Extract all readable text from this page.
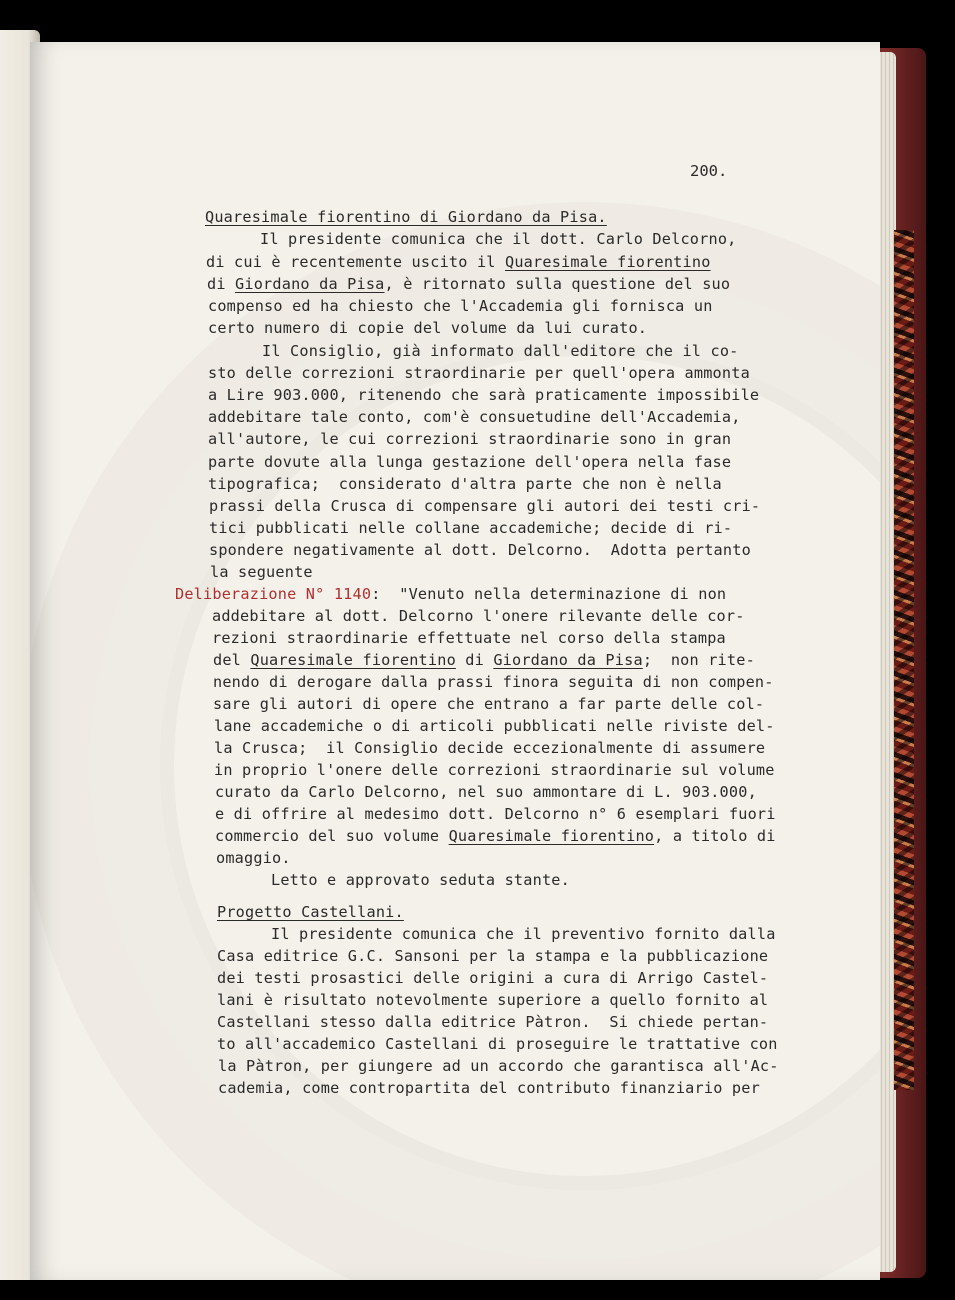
200.
Quaresimale fiorentino di Giordano da Pisa.
Il presidente comunica che il dott. Carlo Delcorno,
di cui è recentemente uscito il Quaresimale fiorentino
di Giordano da Pisa, è ritornato sulla questione del suo
compenso ed ha chiesto che l'Accademia gli fornisca un
certo numero di copie del volume da lui curato.
Il Consiglio, già informato dall'editore che il co-
sto delle correzioni straordinarie per quell'opera ammonta
a Lire 903.000, ritenendo che sarà praticamente impossibile
addebitare tale conto, com'è consuetudine dell'Accademia,
all'autore, le cui correzioni straordinarie sono in gran
parte dovute alla lunga gestazione dell'opera nella fase
tipografica;  considerato d'altra parte che non è nella
prassi della Crusca di compensare gli autori dei testi cri-
tici pubblicati nelle collane accademiche; decide di ri-
spondere negativamente al dott. Delcorno.  Adotta pertanto
la seguente
Deliberazione N° 1140:  "Venuto nella determinazione di non
addebitare al dott. Delcorno l'onere rilevante delle cor-
rezioni straordinarie effettuate nel corso della stampa
del Quaresimale fiorentino di Giordano da Pisa;  non rite-
nendo di derogare dalla prassi finora seguita di non compen-
sare gli autori di opere che entrano a far parte delle col-
lane accademiche o di articoli pubblicati nelle riviste del-
la Crusca;  il Consiglio decide eccezionalmente di assumere
in proprio l'onere delle correzioni straordinarie sul volume
curato da Carlo Delcorno, nel suo ammontare di L. 903.000,
e di offrire al medesimo dott. Delcorno n° 6 esemplari fuori
commercio del suo volume Quaresimale fiorentino, a titolo di
omaggio.
Letto e approvato seduta stante.
Progetto Castellani.
Il presidente comunica che il preventivo fornito dalla
Casa editrice G.C. Sansoni per la stampa e la pubblicazione
dei testi prosastici delle origini a cura di Arrigo Castel-
lani è risultato notevolmente superiore a quello fornito al
Castellani stesso dalla editrice Pàtron.  Si chiede pertan-
to all'accademico Castellani di proseguire le trattative con
la Pàtron, per giungere ad un accordo che garantisca all'Ac-
cademia, come contropartita del contributo finanziario per
